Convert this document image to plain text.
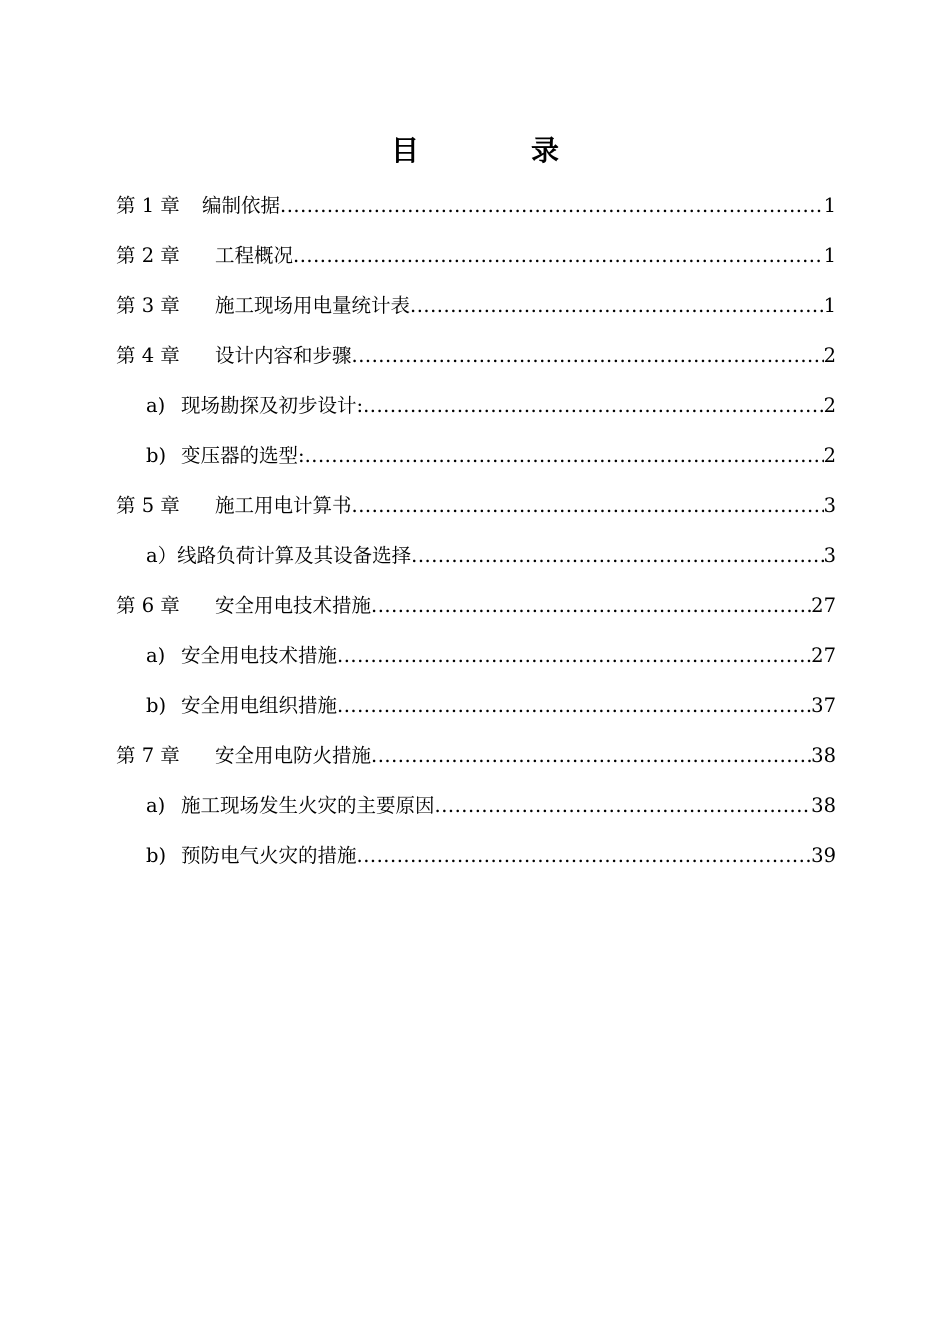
目	录
第 1 章	编制依据 .....	1
第 2 章	工程概况 .....	1
第 3 章	施工现场用电量统计表 .....	1
第 4 章	设计内容和步骤 .....	2
a) 现场勘探及初步设计: .....	2
b) 变压器的选型: .....	2
第 5 章	施工用电计算书 .....	3
a）线路负荷计算及其设备选择 .....	3
第 6 章	安全用电技术措施 .....	27
a) 安全用电技术措施 .....	27
b) 安全用电组织措施 .....	37
第 7 章	安全用电防火措施 .....	38
a) 施工现场发生火灾的主要原因 .....	38
b) 预防电气火灾的措施 .....	39
